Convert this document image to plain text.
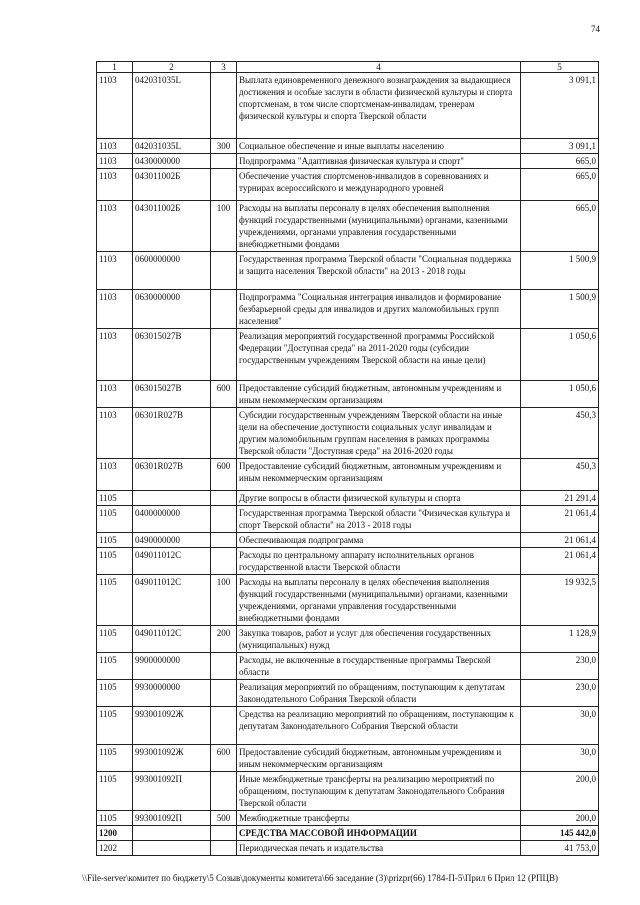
74
1	2	3	4	5
1103	042031035L		Выплата единовременного денежного вознаграждения за выдающиеся достижения и особые заслуги в области физической культуры и спорта спортсменам, в том числе спортсменам-инвалидам, тренерам физической культуры и спорта Тверской области	3 091,1
1103	042031035L	300	Социальное обеспечение и иные выплаты населению	3 091,1
1103	0430000000		Подпрограмма "Адаптивная физическая культура и спорт"	665,0
1103	043011002Б		Обеспечение участия спортсменов-инвалидов в соревнованиях и турнирах всероссийского и международного уровней	665,0
1103	043011002Б	100	Расходы на выплаты персоналу в целях обеспечения выполнения функций государственными (муниципальными) органами, казенными учреждениями, органами управления государственными внебюджетными фондами	665,0
1103	0600000000		Государственная программа Тверской области "Социальная поддержка и защита населения Тверской области" на 2013 - 2018 годы	1 500,9
1103	0630000000		Подпрограмма "Социальная интеграция инвалидов и формирование безбарьерной среды для инвалидов и других маломобильных групп населения"	1 500,9
1103	063015027В		Реализация мероприятий государственной программы Российской Федерации "Доступная среда" на 2011-2020 годы (субсидии государственным учреждениям Тверской области на иные цели)	1 050,6
1103	063015027В	600	Предоставление субсидий бюджетным, автономным учреждениям и иным некоммерческим организациям	1 050,6
1103	06301R027В		Субсидии государственным учреждениям Тверской области на иные цели на обеспечение доступности социальных услуг инвалидам и другим маломобильным группам населения в рамках программы Тверской области "Доступная среда" на 2016-2020 годы	450,3
1103	06301R027В	600	Предоставление субсидий бюджетным, автономным учреждениям и иным некоммерческим организациям	450,3
1105			Другие вопросы в области физической культуры и спорта	21 291,4
1105	0400000000		Государственная программа Тверской области "Физическая культура и спорт Тверской области" на 2013 - 2018 годы	21 061,4
1105	0490000000		Обеспечивающая подпрограмма	21 061,4
1105	049011012С		Расходы по центральному аппарату исполнительных органов государственной власти Тверской области	21 061,4
1105	049011012С	100	Расходы на выплаты персоналу в целях обеспечения выполнения функций государственными (муниципальными) органами, казенными учреждениями, органами управления государственными внебюджетными фондами	19 932,5
1105	049011012С	200	Закупка товаров, работ и услуг для обеспечения государственных (муниципальных) нужд	1 128,9
1105	9900000000		Расходы, не включенные в государственные программы Тверской области	230,0
1105	9930000000		Реализация мероприятий по обращениям, поступающим к депутатам Законодательного Собрания Тверской области	230,0
1105	993001092Ж		Средства на реализацию мероприятий по обращениям, поступающим к депутатам Законодательного Собрания Тверской области	30,0
1105	993001092Ж	600	Предоставление субсидий бюджетным, автономным учреждениям и иным некоммерческим организациям	30,0
1105	993001092П		Иные межбюджетные трансферты на реализацию мероприятий по обращениям, поступающим к депутатам Законодательного Собрания Тверской области	200,0
1105	993001092П	500	Межбюджетные трансферты	200,0
1200			СРЕДСТВА МАССОВОЙ ИНФОРМАЦИИ	145 442,0
1202			Периодическая печать и издательства	41 753,0
\\File-server\комитет по бюджету\5 Созыв\документы комитета\66 заседание (3)\prizpr(66) 1784-П-5\Прил 6 Прил 12 (РПЦВ)
